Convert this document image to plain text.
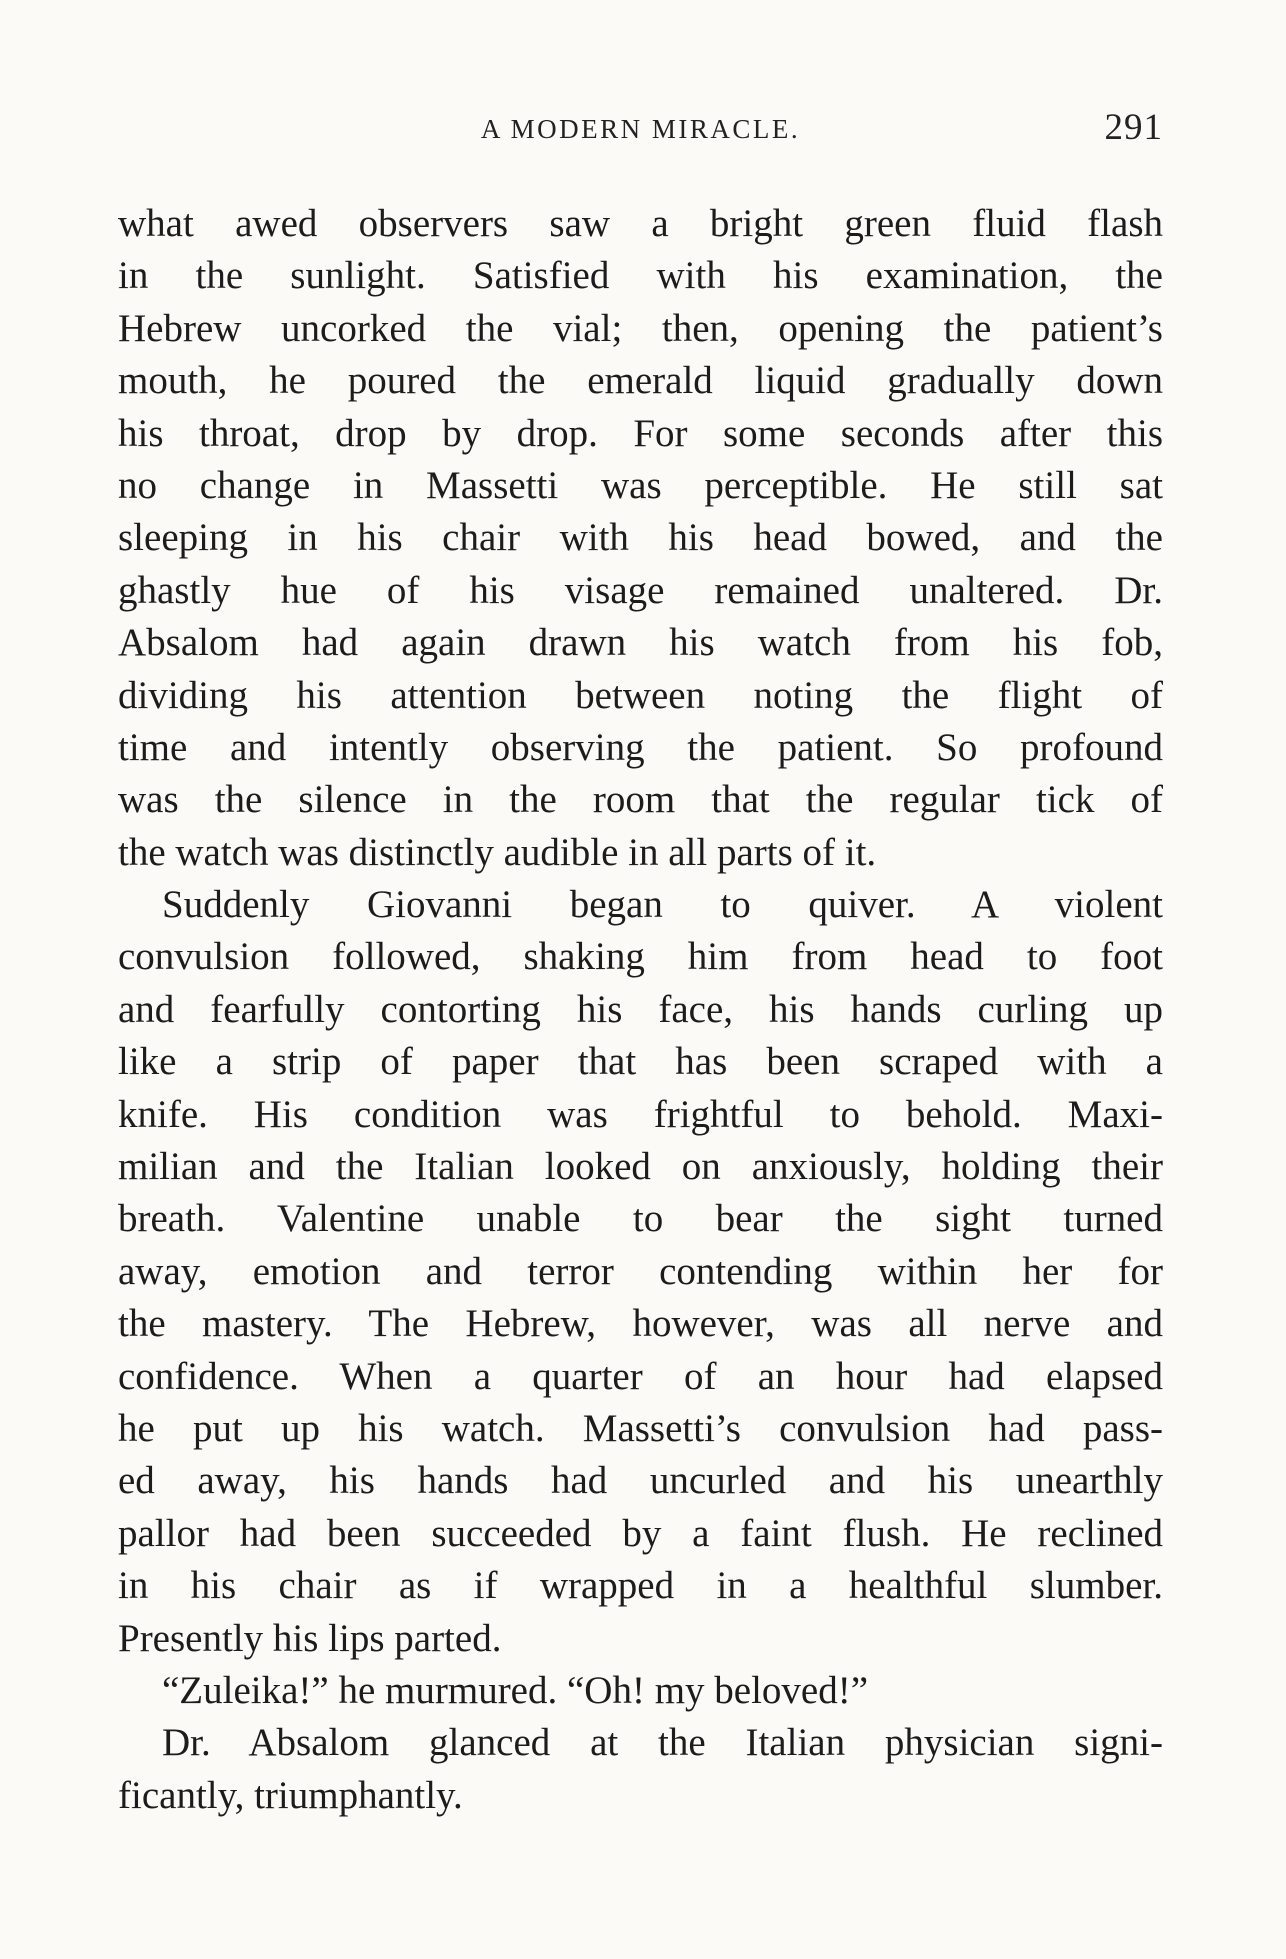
A MODERN MIRACLE.	291
what awed observers saw a bright green fluid flash
in the sunlight. Satisfied with his examination, the
Hebrew uncorked the vial; then, opening the patient’s
mouth, he poured the emerald liquid gradually down
his throat, drop by drop. For some seconds after this
no change in Massetti was perceptible. He still sat
sleeping in his chair with his head bowed, and the
ghastly hue of his visage remained unaltered. Dr.
Absalom had again drawn his watch from his fob,
dividing his attention between noting the flight of
time and intently observing the patient. So profound
was the silence in the room that the regular tick of
the watch was distinctly audible in all parts of it.
Suddenly Giovanni began to quiver. A violent
convulsion followed, shaking him from head to foot
and fearfully contorting his face, his hands curling up
like a strip of paper that has been scraped with a
knife. His condition was frightful to behold. Maxi-
milian and the Italian looked on anxiously, holding their
breath. Valentine unable to bear the sight turned
away, emotion and terror contending within her for
the mastery. The Hebrew, however, was all nerve and
confidence. When a quarter of an hour had elapsed
he put up his watch. Massetti’s convulsion had pass-
ed away, his hands had uncurled and his unearthly
pallor had been succeeded by a faint flush. He reclined
in his chair as if wrapped in a healthful slumber.
Presently his lips parted.
“Zuleika!” he murmured. “Oh! my beloved!”
Dr. Absalom glanced at the Italian physician signi-
ficantly, triumphantly.
